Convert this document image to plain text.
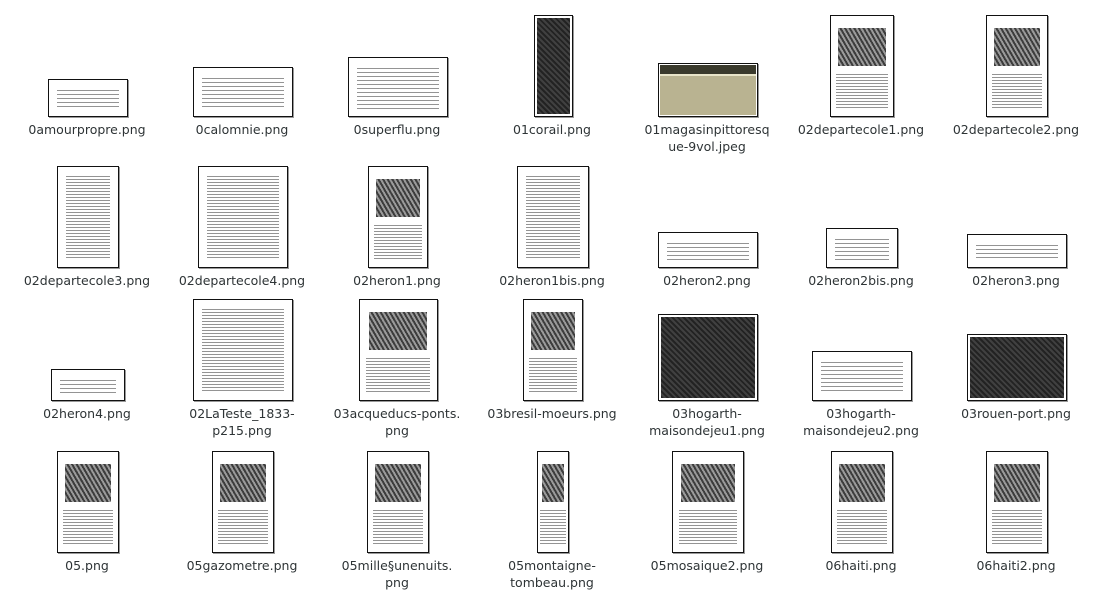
0amourpropre.png	0calomnie.png	0superflu.png	01corail.png	01magasinpittoresq
ue-9vol.jpeg
02departecole1.png	02departecole2.png
02departecole3.png	02departecole4.png	02heron1.png	02heron1bis.png	02heron2.png	02heron2bis.png	02heron3.png
02heron4.png	02LaTeste_1833-
p215.png
03acqueducs-ponts.
png
03bresil-moeurs.png	03hogarth-
maisondejeu1.png
03hogarth-
maisondejeu2.png
03rouen-port.png
05.png	05gazometre.png	05mille§unenuits.
png
05montaigne-
tombeau.png
05mosaique2.png	06haiti.png	06haiti2.png
